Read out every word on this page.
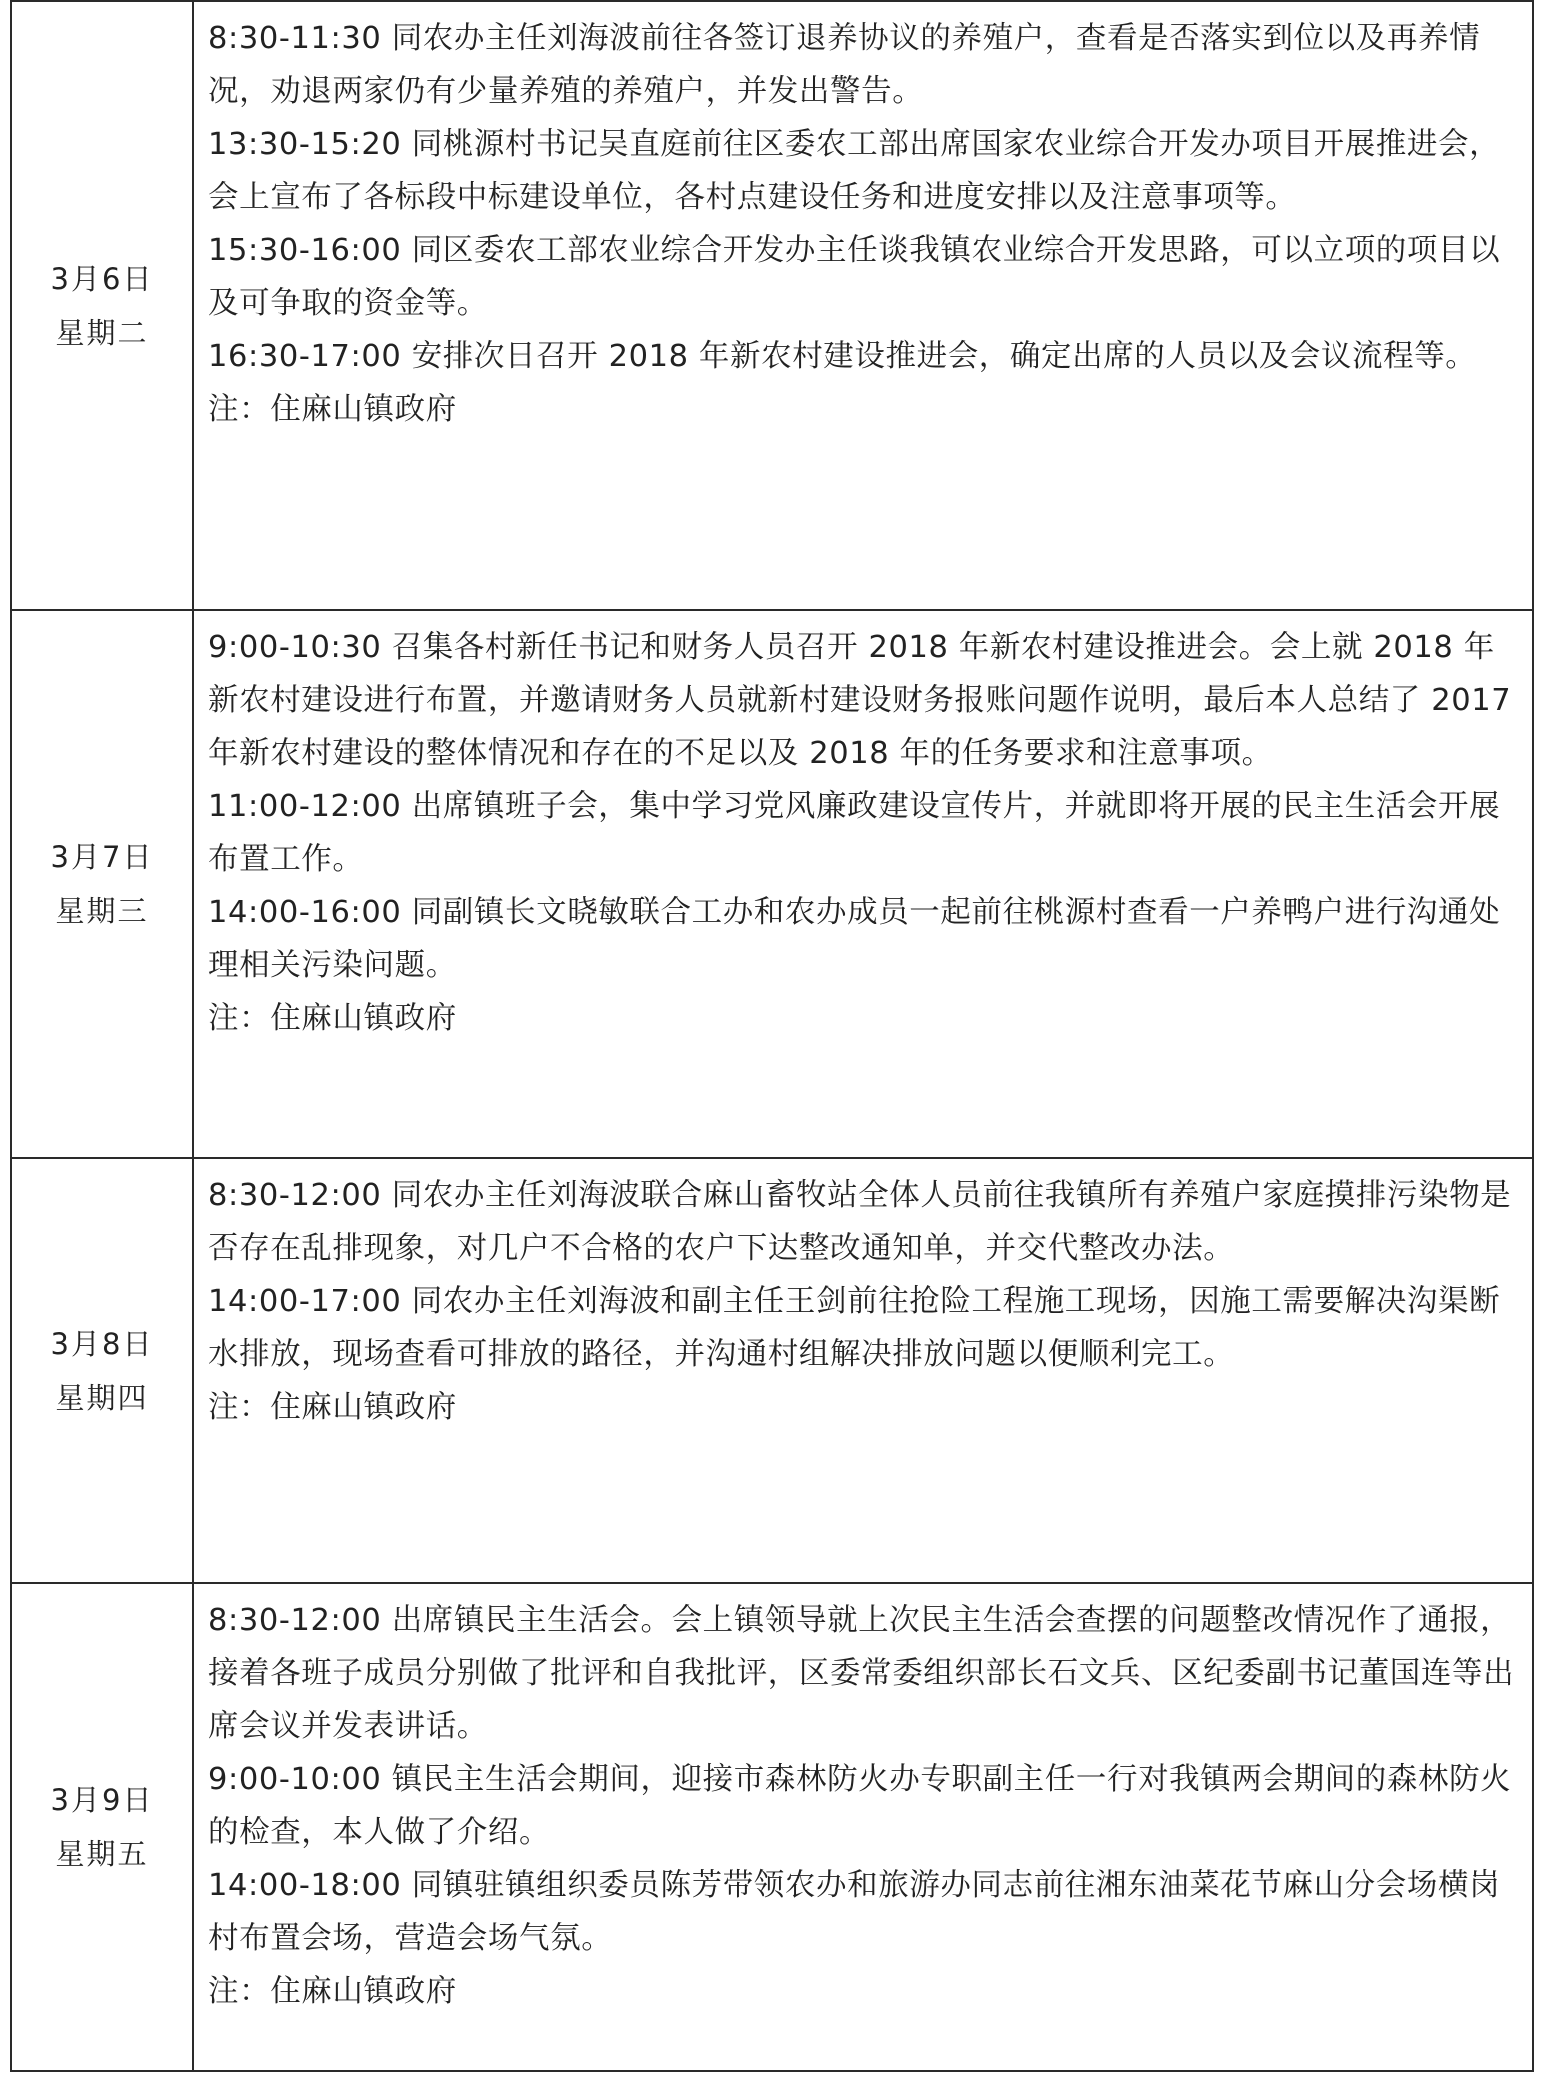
3月6日
星期二	8:30-11:30 同农办主任刘海波前往各签订退养协议的养殖户，查看是否落实到位以及再养情况，劝退两家仍有少量养殖的养殖户，并发出警告。
13:30-15:20 同桃源村书记吴直庭前往区委农工部出席国家农业综合开发办项目开展推进会，会上宣布了各标段中标建设单位，各村点建设任务和进度安排以及注意事项等。
15:30-16:00 同区委农工部农业综合开发办主任谈我镇农业综合开发思路，可以立项的项目以及可争取的资金等。
16:30-17:00 安排次日召开 2018 年新农村建设推进会，确定出席的人员以及会议流程等。
注：住麻山镇政府

3月7日
星期三	9:00-10:30 召集各村新任书记和财务人员召开 2018 年新农村建设推进会。会上就 2018 年新农村建设进行布置，并邀请财务人员就新村建设财务报账问题作说明，最后本人总结了 2017 年新农村建设的整体情况和存在的不足以及 2018 年的任务要求和注意事项。
11:00-12:00 出席镇班子会，集中学习党风廉政建设宣传片，并就即将开展的民主生活会开展布置工作。
14:00-16:00 同副镇长文晓敏联合工办和农办成员一起前往桃源村查看一户养鸭户进行沟通处理相关污染问题。
注：住麻山镇政府

3月8日
星期四	8:30-12:00 同农办主任刘海波联合麻山畜牧站全体人员前往我镇所有养殖户家庭摸排污染物是否存在乱排现象，对几户不合格的农户下达整改通知单，并交代整改办法。
14:00-17:00 同农办主任刘海波和副主任王剑前往抢险工程施工现场，因施工需要解决沟渠断水排放，现场查看可排放的路径，并沟通村组解决排放问题以便顺利完工。
注：住麻山镇政府

3月9日
星期五	8:30-12:00 出席镇民主生活会。会上镇领导就上次民主生活会查摆的问题整改情况作了通报，接着各班子成员分别做了批评和自我批评，区委常委组织部长石文兵、区纪委副书记董国连等出席会议并发表讲话。
9:00-10:00 镇民主生活会期间，迎接市森林防火办专职副主任一行对我镇两会期间的森林防火的检查，本人做了介绍。
14:00-18:00 同镇驻镇组织委员陈芳带领农办和旅游办同志前往湘东油菜花节麻山分会场横岗村布置会场，营造会场气氛。
注：住麻山镇政府
